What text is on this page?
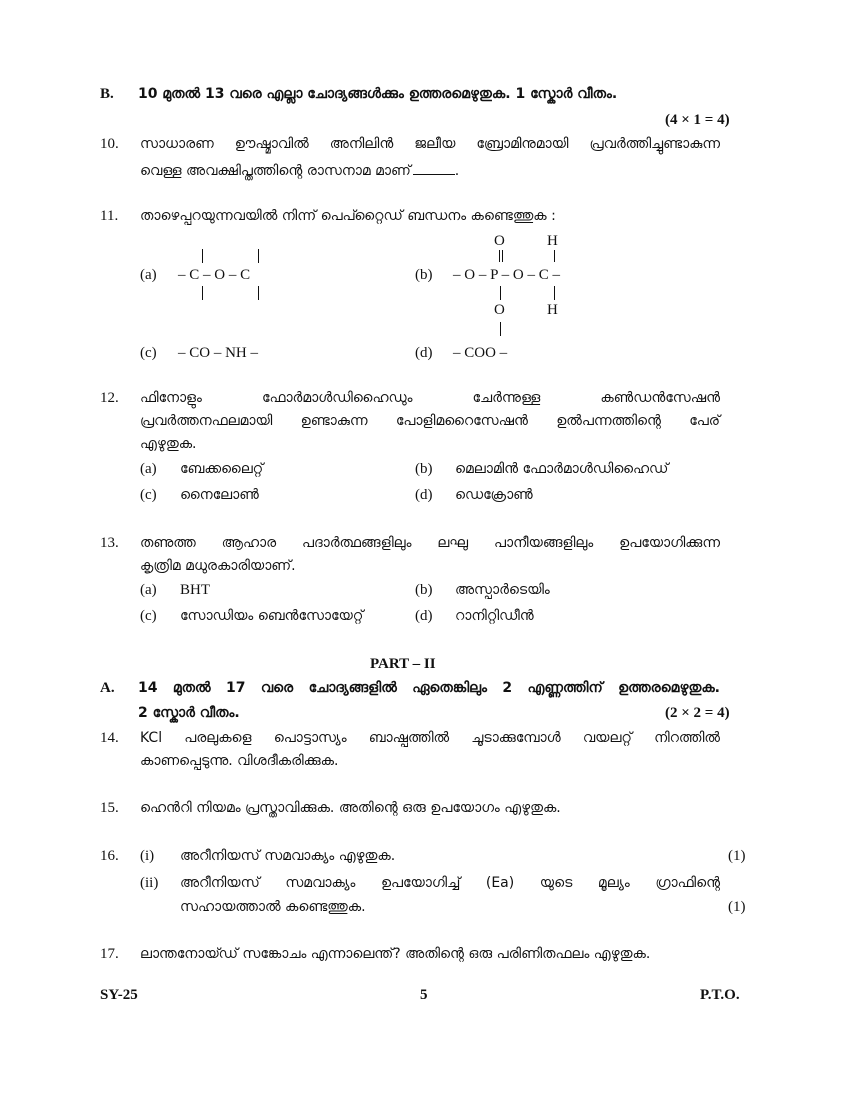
B. 10 മുതൽ 13 വരെ എല്ലാ ചോദ്യങ്ങൾക്കും ഉത്തരമെഴുതുക. 1 സ്കോർ വീതം.
(4 × 1 = 4)
10. സാധാരണ ഊഷ്മാവിൽ അനിലിൻ ജലീയ ബ്രോമിനുമായി പ്രവർത്തിച്ചുണ്ടാകുന്ന
വെള്ള അവക്ഷിപ്തത്തിന്റെ രാസനാമ മാണ്	.
11. താഴെപ്പറയുന്നവയിൽ നിന്ന് പെപ്റ്റൈഡ് ബന്ധനം കണ്ടെത്തുക :
(a) – C – O – C	(b) – O – P – O – C –
O	H
O	H
(c) – CO – NH –	(d) – COO –
12. ഫിനോളും ഫോർമാൾഡിഹൈഡും ചേർന്നുള്ള കൺഡൻസേഷൻ
പ്രവർത്തനഫലമായി ഉണ്ടാകുന്ന പോളിമറൈസേഷൻ ഉൽപന്നത്തിന്റെ പേര്
എഴുതുക.
(a) ബേക്കലൈറ്റ്	(b) മെലാമിൻ ഫോർമാൾഡിഹൈഡ്
(c) നൈലോൺ	(d) ഡെക്രോൺ
13. തണുത്ത ആഹാര പദാർത്ഥങ്ങളിലും ലഘു പാനീയങ്ങളിലും ഉപയോഗിക്കുന്ന
കൃത്രിമ മധുരകാരിയാണ്.
(a) BHT	(b) അസ്പാർടെയിം
(c) സോഡിയം ബെൻസോയേറ്റ്	(d) റാനിറ്റിഡീൻ
PART – II
A. 14 മുതൽ 17 വരെ ചോദ്യങ്ങളിൽ ഏതെങ്കിലും 2 എണ്ണത്തിന് ഉത്തരമെഴുതുക.
2 സ്കോർ വീതം.	(2 × 2 = 4)
14. KCl പരലുകളെ പൊട്ടാസ്യം ബാഷ്പത്തിൽ ചൂടാക്കുമ്പോൾ വയലറ്റ് നിറത്തിൽ
കാണപ്പെടുന്നു. വിശദീകരിക്കുക.
15. ഹെൻറി നിയമം പ്രസ്താവിക്കുക. അതിന്റെ ഒരു ഉപയോഗം എഴുതുക.
16. (i) അറീനിയസ് സമവാക്യം എഴുതുക.	(1)
(ii) അറീനിയസ് സമവാക്യം ഉപയോഗിച്ച് (Ea) യുടെ മൂല്യം ഗ്രാഫിന്റെ
സഹായത്താൽ കണ്ടെത്തുക.	(1)
17. ലാന്തനോയ്ഡ് സങ്കോചം എന്നാലെന്ത്? അതിന്റെ ഒരു പരിണിതഫലം എഴുതുക.
SY-25	5	P.T.O.
